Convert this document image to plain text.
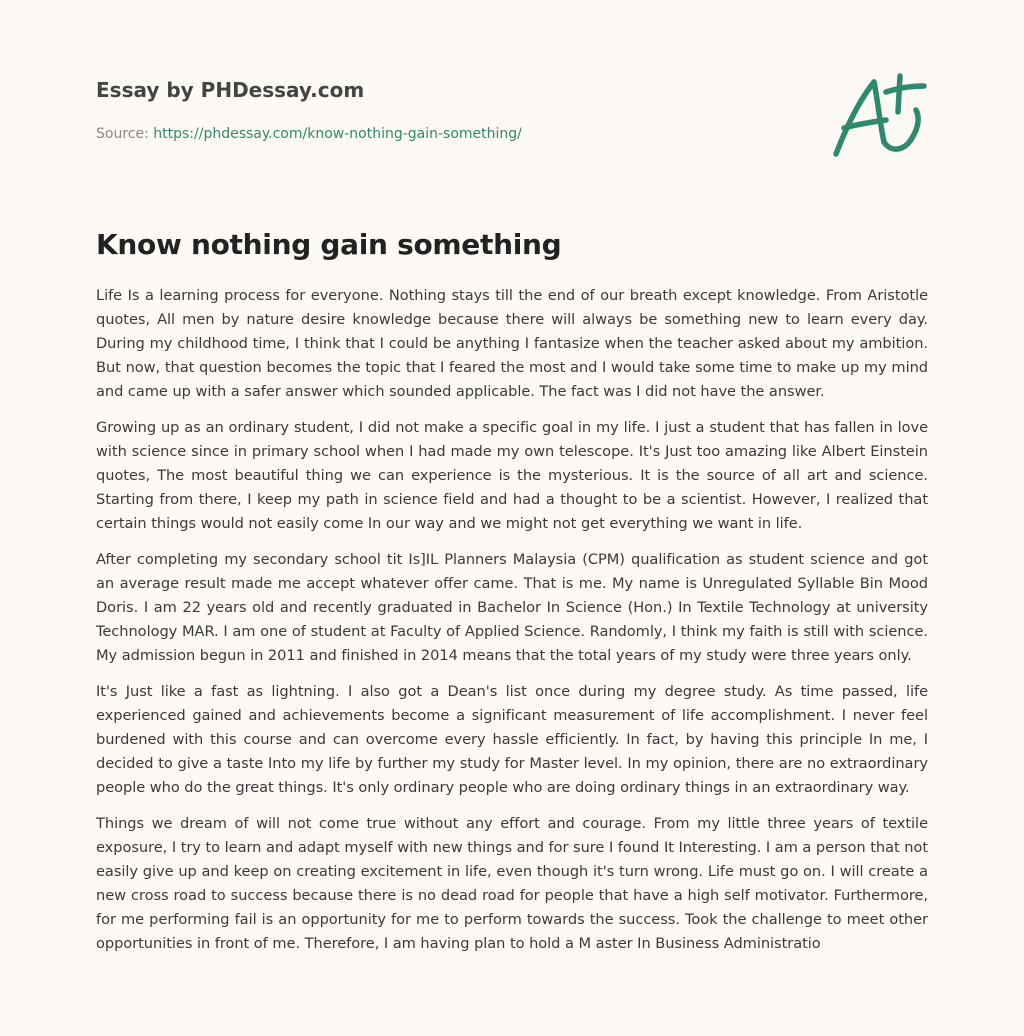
Essay by PHDessay.com
Source: https://phdessay.com/know-nothing-gain-something/
Know nothing gain something

Life Is a learning process for everyone. Nothing stays till the end of our breath except knowledge. From Aristotle quotes, All men by nature desire knowledge because there will always be something new to learn every day. During my childhood time, I think that I could be anything I fantasize when the teacher asked about my ambition. But now, that question becomes the topic that I feared the most and I would take some time to make up my mind and came up with a safer answer which sounded applicable. The fact was I did not have the answer.

Growing up as an ordinary student, I did not make a specific goal in my life. I just a student that has fallen in love with science since in primary school when I had made my own telescope. It's Just too amazing like Albert Einstein quotes, The most beautiful thing we can experience is the mysterious. It is the source of all art and science. Starting from there, I keep my path in science field and had a thought to be a scientist. However, I realized that certain things would not easily come In our way and we might not get everything we want in life.

After completing my secondary school tit Is]IL Planners Malaysia (CPM) qualification as student science and got an average result made me accept whatever offer came. That is me. My name is Unregulated Syllable Bin Mood Doris. I am 22 years old and recently graduated in Bachelor In Science (Hon.) In Textile Technology at university Technology MAR. I am one of student at Faculty of Applied Science. Randomly, I think my faith is still with science. My admission begun in 2011 and finished in 2014 means that the total years of my study were three years only.

It's Just like a fast as lightning. I also got a Dean's list once during my degree study. As time passed, life experienced gained and achievements become a significant measurement of life accomplishment. I never feel burdened with this course and can overcome every hassle efficiently. In fact, by having this principle In me, I decided to give a taste Into my life by further my study for Master level. In my opinion, there are no extraordinary people who do the great things. It's only ordinary people who are doing ordinary things in an extraordinary way.

Things we dream of will not come true without any effort and courage. From my little three years of textile exposure, I try to learn and adapt myself with new things and for sure I found It Interesting. I am a person that not easily give up and keep on creating excitement in life, even though it's turn wrong. Life must go on. I will create a new cross road to success because there is no dead road for people that have a high self motivator. Furthermore, for me performing fail is an opportunity for me to perform towards the success. Took the challenge to meet other opportunities in front of me. Therefore, I am having plan to hold a M aster In Business Administratio
